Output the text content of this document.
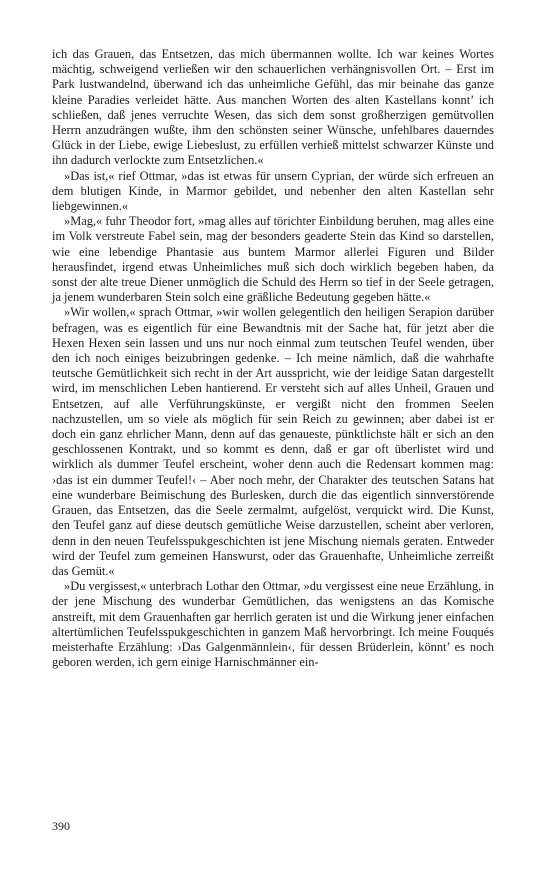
ich das Grauen, das Entsetzen, das mich übermannen wollte. Ich war keines Wortes mächtig, schweigend verließen wir den schauerlichen verhängnisvollen Ort. – Erst im Park lustwandelnd, überwand ich das unheimliche Gefühl, das mir beinahe das ganze kleine Paradies verleidet hätte. Aus manchen Worten des alten Kastellans konnt’ ich schließen, daß jenes verruchte Wesen, das sich dem sonst großherzigen gemütvollen Herrn anzudrängen wußte, ihm den schönsten seiner Wünsche, unfehlbares dauerndes Glück in der Liebe, ewige Liebeslust, zu erfüllen verhieß mittelst schwarzer Künste und ihn dadurch verlockte zum Entsetzlichen.«

»Das ist,« rief Ottmar, »das ist etwas für unsern Cyprian, der würde sich erfreuen an dem blutigen Kinde, in Marmor gebildet, und nebenher den alten Kastellan sehr liebgewinnen.«

»Mag,« fuhr Theodor fort, »mag alles auf törichter Einbildung beruhen, mag alles eine im Volk verstreute Fabel sein, mag der besonders geaderte Stein das Kind so darstellen, wie eine lebendige Phantasie aus buntem Marmor allerlei Figuren und Bilder herausfindet, irgend etwas Unheimliches muß sich doch wirklich begeben haben, da sonst der alte treue Diener unmöglich die Schuld des Herrn so tief in der Seele getragen, ja jenem wunderbaren Stein solch eine gräßliche Bedeutung gegeben hätte.«

»Wir wollen,« sprach Ottmar, »wir wollen gelegentlich den heiligen Serapion darüber befragen, was es eigentlich für eine Bewandtnis mit der Sache hat, für jetzt aber die Hexen Hexen sein lassen und uns nur noch einmal zum teutschen Teufel wenden, über den ich noch einiges beizubringen gedenke. – Ich meine nämlich, daß die wahrhafte teutsche Gemütlichkeit sich recht in der Art ausspricht, wie der leidige Satan dargestellt wird, im menschlichen Leben hantierend. Er versteht sich auf alles Unheil, Grauen und Entsetzen, auf alle Verführungskünste, er vergißt nicht den frommen Seelen nachzustellen, um so viele als möglich für sein Reich zu gewinnen; aber dabei ist er doch ein ganz ehrlicher Mann, denn auf das genaueste, pünktlichste hält er sich an den geschlossenen Kontrakt, und so kommt es denn, daß er gar oft überlistet wird und wirklich als dummer Teufel erscheint, woher denn auch die Redensart kommen mag: ›das ist ein dummer Teufel!‹ – Aber noch mehr, der Charakter des teutschen Satans hat eine wunderbare Beimischung des Burlesken, durch die das eigentlich sinnverstörende Grauen, das Entsetzen, das die Seele zermalmt, aufgelöst, verquickt wird. Die Kunst, den Teufel ganz auf diese deutsch gemütliche Weise darzustellen, scheint aber verloren, denn in den neuen Teufelsspukgeschichten ist jene Mischung niemals geraten. Entweder wird der Teufel zum gemeinen Hanswurst, oder das Grauenhafte, Unheimliche zerreißt das Gemüt.«

»Du vergissest,« unterbrach Lothar den Ottmar, »du vergissest eine neue Erzählung, in der jene Mischung des wunderbar Gemütlichen, das wenigstens an das Komische anstreift, mit dem Grauenhaften gar herrlich geraten ist und die Wirkung jener einfachen altertümlichen Teufelsspukgeschichten in ganzem Maß hervorbringt. Ich meine Fouqués meisterhafte Erzählung: ›Das Galgenmännlein‹, für dessen Brüderlein, könnt’ es noch geboren werden, ich gern einige Harnischmänner ein-

390
